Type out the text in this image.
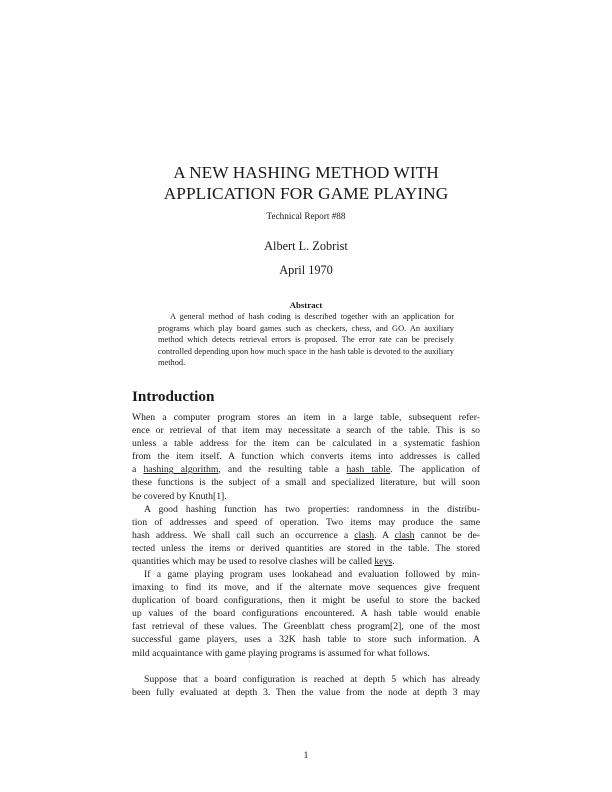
A NEW HASHING METHOD WITH
APPLICATION FOR GAME PLAYING
Technical Report #88
Albert L. Zobrist
April 1970
Abstract
A general method of hash coding is described together with an application for programs which play board games such as checkers, chess, and GO. An auxiliary method which detects retrieval errors is proposed. The error rate can be precisely controlled depending upon how much space in the hash table is devoted to the auxiliary method.
Introduction
When a computer program stores an item in a large table, subsequent refer-
ence or retrieval of that item may necessitate a search of the table. This is so
unless a table address for the item can be calculated in a systematic fashion
from the item itself. A function which converts items into addresses is called
a hashing algorithm, and the resulting table a hash table. The application of
these functions is the subject of a small and specialized literature, but will soon
be covered by Knuth[1].
A good hashing function has two properties: randomness in the distribu-
tion of addresses and speed of operation. Two items may produce the same
hash address. We shall call such an occurrence a clash. A clash cannot be de-
tected unless the items or derived quantities are stored in the table. The stored
quantities which may be used to resolve clashes will be called keys.
If a game playing program uses lookahead and evaluation followed by min-
imaxing to find its move, and if the alternate move sequences give frequent
duplication of board configurations, then it might be useful to store the backed
up values of the board configurations encountered. A hash table would enable
fast retrieval of these values. The Greenblatt chess program[2], one of the most
successful game players, uses a 32K hash table to store such information. A
mild acquaintance with game playing programs is assumed for what follows.
Suppose that a board configuration is reached at depth 5 which has already
been fully evaluated at depth 3. Then the value from the node at depth 3 may
1
